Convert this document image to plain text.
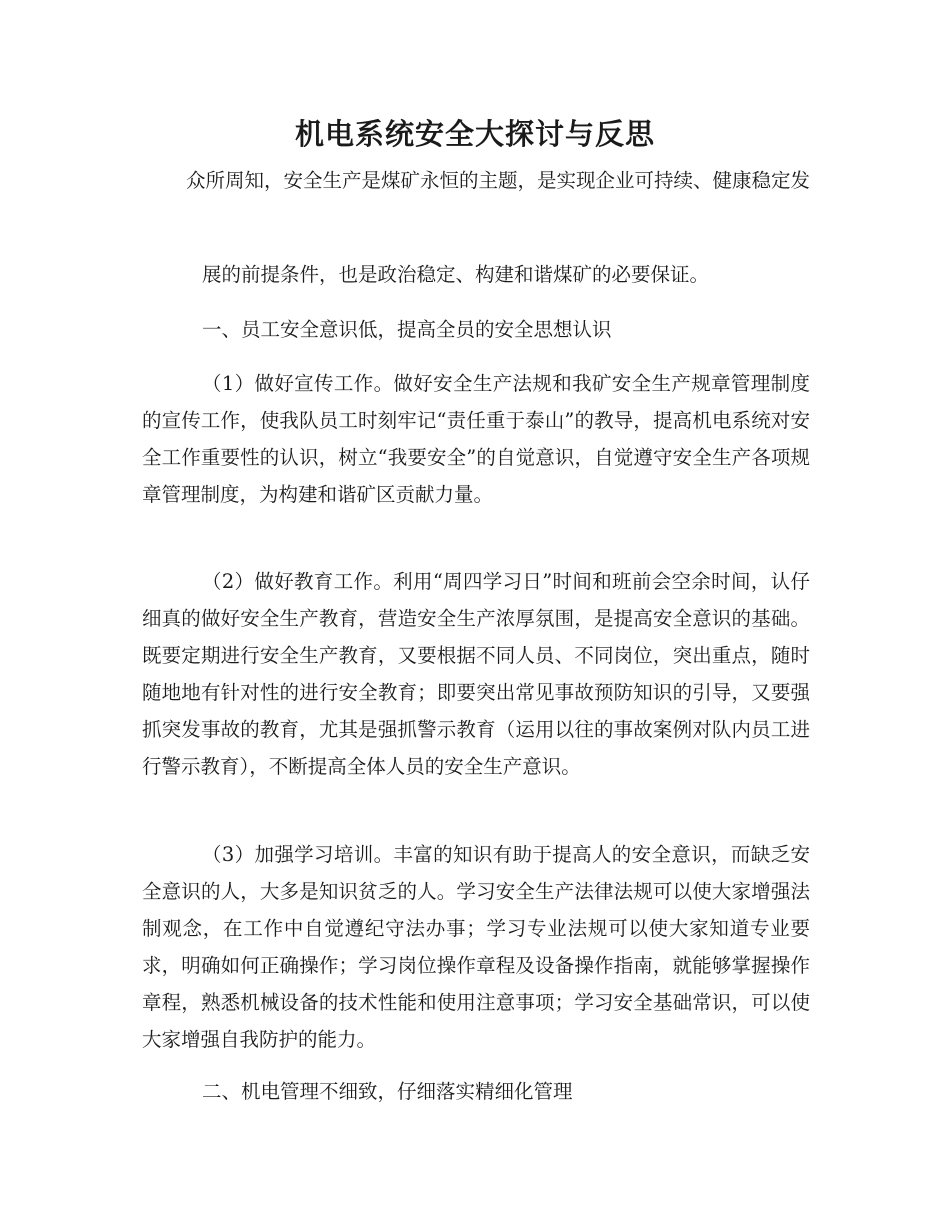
机电系统安全大探讨与反思

众所周知，安全生产是煤矿永恒的主题，是实现企业可持续、健康稳定发

展的前提条件，也是政治稳定、构建和谐煤矿的必要保证。

一、员工安全意识低，提高全员的安全思想认识

（1）做好宣传工作。做好安全生产法规和我矿安全生产规章管理制度的宣传工作，使我队员工时刻牢记“责任重于泰山”的教导，提高机电系统对安全工作重要性的认识，树立“我要安全”的自觉意识，自觉遵守安全生产各项规章管理制度，为构建和谐矿区贡献力量。

（2）做好教育工作。利用“周四学习日”时间和班前会空余时间，认仔细真的做好安全生产教育，营造安全生产浓厚氛围，是提高安全意识的基础。既要定期进行安全生产教育，又要根据不同人员、不同岗位，突出重点，随时随地地有针对性的进行安全教育；即要突出常见事故预防知识的引导，又要强抓突发事故的教育，尤其是强抓警示教育（运用以往的事故案例对队内员工进行警示教育），不断提高全体人员的安全生产意识。

（3）加强学习培训。丰富的知识有助于提高人的安全意识，而缺乏安全意识的人，大多是知识贫乏的人。学习安全生产法律法规可以使大家增强法制观念，在工作中自觉遵纪守法办事；学习专业法规可以使大家知道专业要求，明确如何正确操作；学习岗位操作章程及设备操作指南，就能够掌握操作章程，熟悉机械设备的技术性能和使用注意事项；学习安全基础常识，可以使大家增强自我防护的能力。

二、机电管理不细致，仔细落实精细化管理
